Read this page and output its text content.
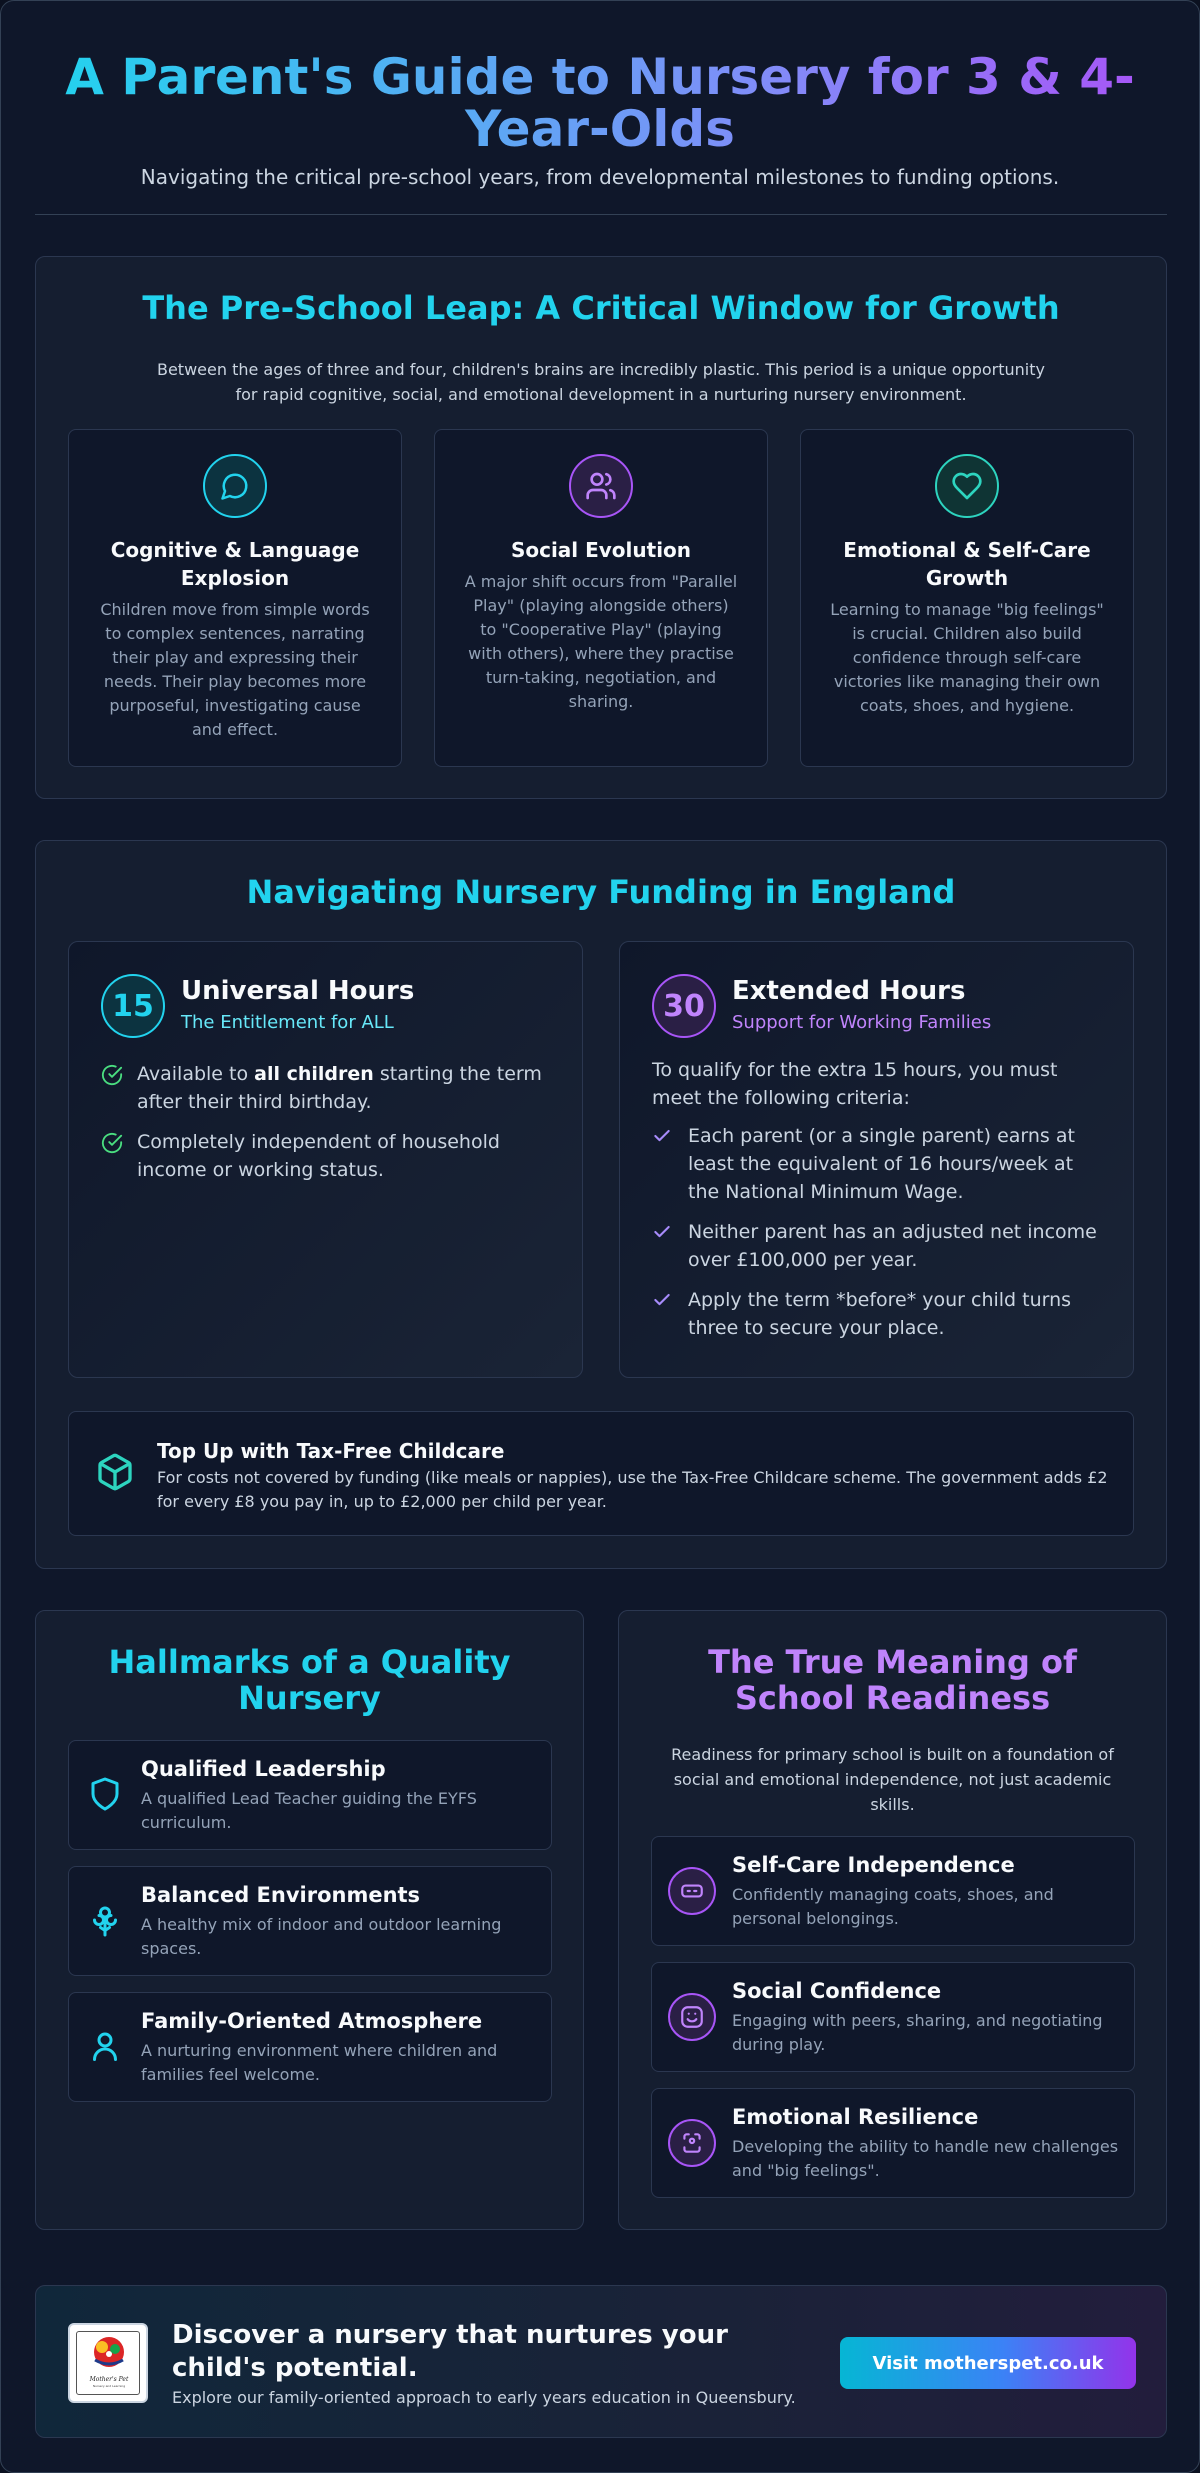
A Parent's Guide to Nursery for 3 & 4-Year-Olds

Navigating the critical pre-school years, from developmental milestones to funding options.

The Pre-School Leap: A Critical Window for Growth

Between the ages of three and four, children's brains are incredibly plastic. This period is a unique opportunity for rapid cognitive, social, and emotional development in a nurturing nursery environment.

Cognitive & Language Explosion

Children move from simple words to complex sentences, narrating their play and expressing their needs. Their play becomes more purposeful, investigating cause and effect.

Social Evolution

A major shift occurs from "Parallel Play" (playing alongside others) to "Cooperative Play" (playing with others), where they practise turn-taking, negotiation, and sharing.

Emotional & Self-Care Growth

Learning to manage "big feelings" is crucial. Children also build confidence through self-care victories like managing their own coats, shoes, and hygiene.

Navigating Nursery Funding in England
15	Universal Hours
The Entitlement for ALL
Available to all children starting the term after their third birthday.
Completely independent of household income or working status.
30	Extended Hours
Support for Working Families

To qualify for the extra 15 hours, you must meet the following criteria:

Each parent (or a single parent) earns at least the equivalent of 16 hours/week at the National Minimum Wage.
Neither parent has an adjusted net income over £100,000 per year.
Apply the term *before* your child turns three to secure your place.
Top Up with Tax-Free Childcare

For costs not covered by funding (like meals or nappies), use the Tax-Free Childcare scheme. The government adds £2 for every £8 you pay in, up to £2,000 per child per year.

Hallmarks of a Quality Nursery
Qualified Leadership

A qualified Lead Teacher guiding the EYFS curriculum.

Balanced Environments

A healthy mix of indoor and outdoor learning spaces.

Family-Oriented Atmosphere

A nurturing environment where children and families feel welcome.

The True Meaning of School Readiness

Readiness for primary school is built on a foundation of social and emotional independence, not just academic skills.

Self-Care Independence

Confidently managing coats, shoes, and personal belongings.

Social Confidence

Engaging with peers, sharing, and negotiating during play.

Emotional Resilience

Developing the ability to handle new challenges and "big feelings".

Mother's Pet
Nursery and Learning
Discover a nursery that nurtures your child's potential.

Explore our family-oriented approach to early years education in Queensbury.

Visit motherspet.co.uk
